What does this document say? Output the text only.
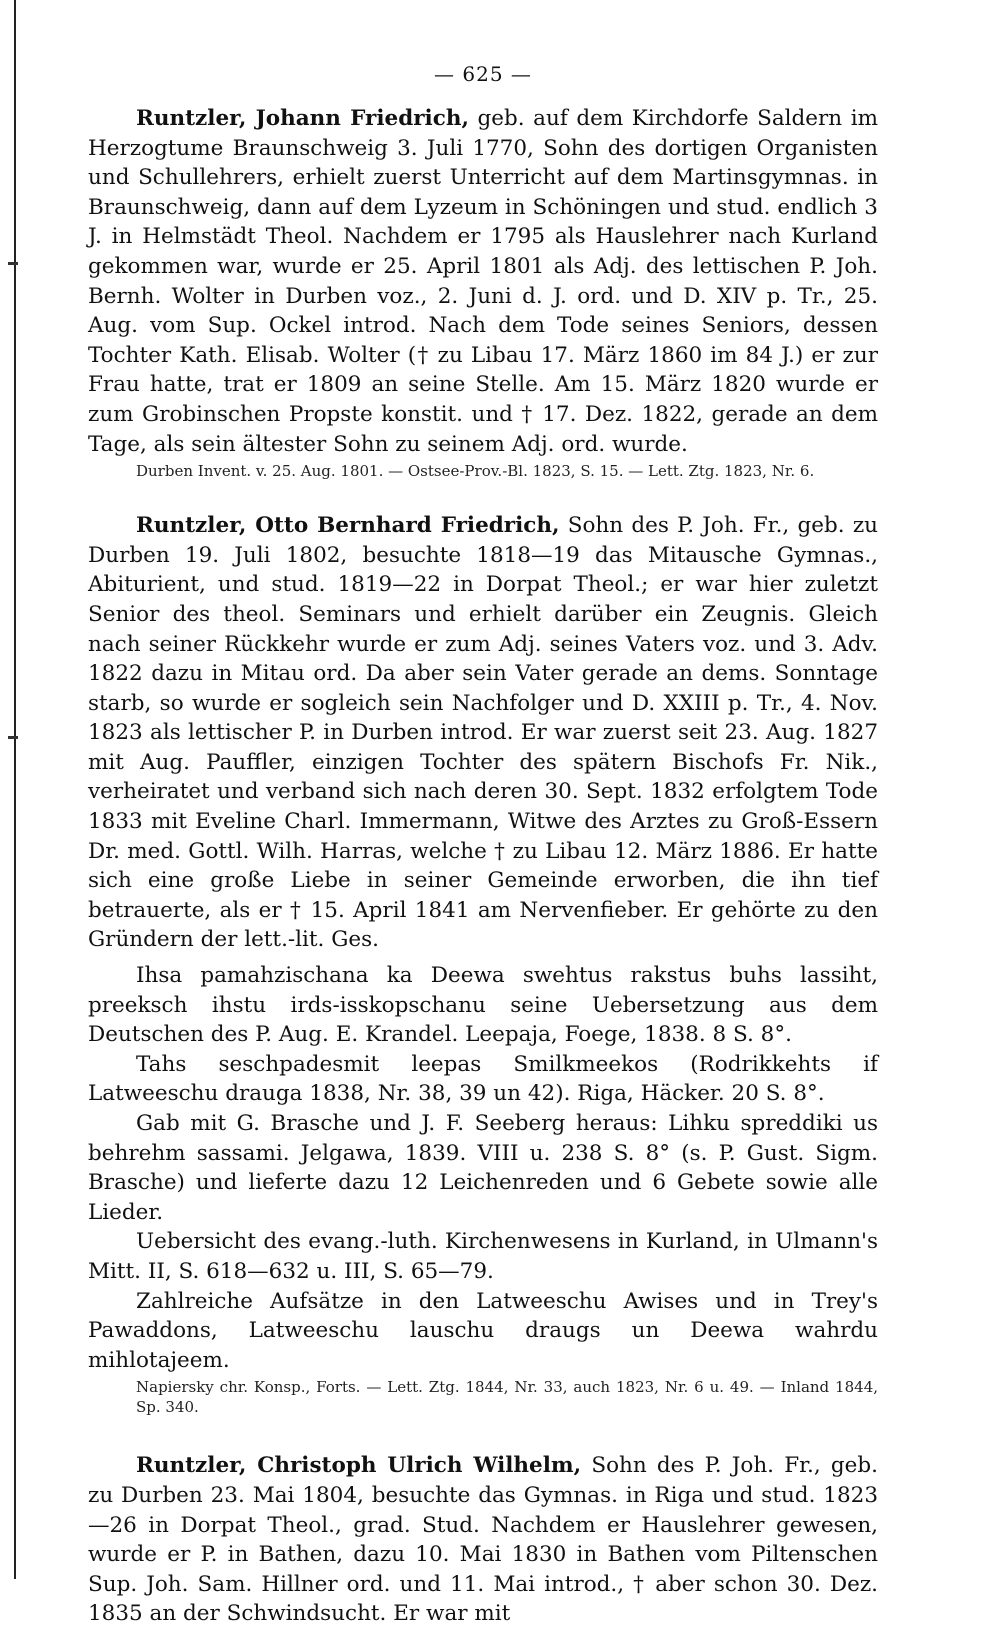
— 625 —

Runtzler, Johann Friedrich, geb. auf dem Kirchdorfe Saldern im Herzogtume Braunschweig 3. Juli 1770, Sohn des dortigen Organisten und Schullehrers, erhielt zuerst Unterricht auf dem Martinsgymnas. in Braunschweig, dann auf dem Lyzeum in Schöningen und stud. endlich 3 J. in Helmstädt Theol. Nachdem er 1795 als Hauslehrer nach Kurland gekommen war, wurde er 25. April 1801 als Adj. des lettischen P. Joh. Bernh. Wolter in Durben voz., 2. Juni d. J. ord. und D. XIV p. Tr., 25. Aug. vom Sup. Ockel introd. Nach dem Tode seines Seniors, dessen Tochter Kath. Elisab. Wolter († zu Libau 17. März 1860 im 84 J.) er zur Frau hatte, trat er 1809 an seine Stelle. Am 15. März 1820 wurde er zum Grobinschen Propste konstit. und † 17. Dez. 1822, gerade an dem Tage, als sein ältester Sohn zu seinem Adj. ord. wurde.

Durben Invent. v. 25. Aug. 1801. — Ostsee-Prov.-Bl. 1823, S. 15. — Lett. Ztg. 1823, Nr. 6.

Runtzler, Otto Bernhard Friedrich, Sohn des P. Joh. Fr., geb. zu Durben 19. Juli 1802, besuchte 1818—19 das Mitausche Gymnas., Abiturient, und stud. 1819—22 in Dorpat Theol.; er war hier zuletzt Senior des theol. Seminars und erhielt darüber ein Zeugnis. Gleich nach seiner Rückkehr wurde er zum Adj. seines Vaters voz. und 3. Adv. 1822 dazu in Mitau ord. Da aber sein Vater gerade an dems. Sonntage starb, so wurde er sogleich sein Nachfolger und D. XXIII p. Tr., 4. Nov. 1823 als lettischer P. in Durben introd. Er war zuerst seit 23. Aug. 1827 mit Aug. Pauffler, einzigen Tochter des spätern Bischofs Fr. Nik., verheiratet und verband sich nach deren 30. Sept. 1832 erfolgtem Tode 1833 mit Eveline Charl. Immermann, Witwe des Arztes zu Groß-Essern Dr. med. Gottl. Wilh. Harras, welche † zu Libau 12. März 1886. Er hatte sich eine große Liebe in seiner Gemeinde erworben, die ihn tief betrauerte, als er † 15. April 1841 am Nervenfieber. Er gehörte zu den Gründern der lett.-lit. Ges.

Ihsa pamahzischana ka Deewa swehtus rakstus buhs lassiht, preeksch ihstu irds-isskopschanu seine Uebersetzung aus dem Deutschen des P. Aug. E. Krandel. Leepaja, Foege, 1838. 8 S. 8°.

Tahs seschpadesmit leepas Smilkmeekos (Rodrikkehts if Latweeschu drauga 1838, Nr. 38, 39 un 42). Riga, Häcker. 20 S. 8°.

Gab mit G. Brasche und J. F. Seeberg heraus: Lihku spreddiki us behrehm sassami. Jelgawa, 1839. VIII u. 238 S. 8° (s. P. Gust. Sigm. Brasche) und lieferte dazu 12 Leichenreden und 6 Gebete sowie alle Lieder.

Uebersicht des evang.-luth. Kirchenwesens in Kurland, in Ulmann's Mitt. II, S. 618—632 u. III, S. 65—79.

Zahlreiche Aufsätze in den Latweeschu Awises und in Trey's Pawaddons, Latweeschu lauschu draugs un Deewa wahrdu mihlotajeem.

Napiersky chr. Konsp., Forts. — Lett. Ztg. 1844, Nr. 33, auch 1823, Nr. 6 u. 49. — Inland 1844, Sp. 340.

Runtzler, Christoph Ulrich Wilhelm, Sohn des P. Joh. Fr., geb. zu Durben 23. Mai 1804, besuchte das Gymnas. in Riga und stud. 1823—26 in Dorpat Theol., grad. Stud. Nachdem er Hauslehrer gewesen, wurde er P. in Bathen, dazu 10. Mai 1830 in Bathen vom Piltenschen Sup. Joh. Sam. Hillner ord. und 11. Mai introd., † aber schon 30. Dez. 1835 an der Schwindsucht. Er war mit
